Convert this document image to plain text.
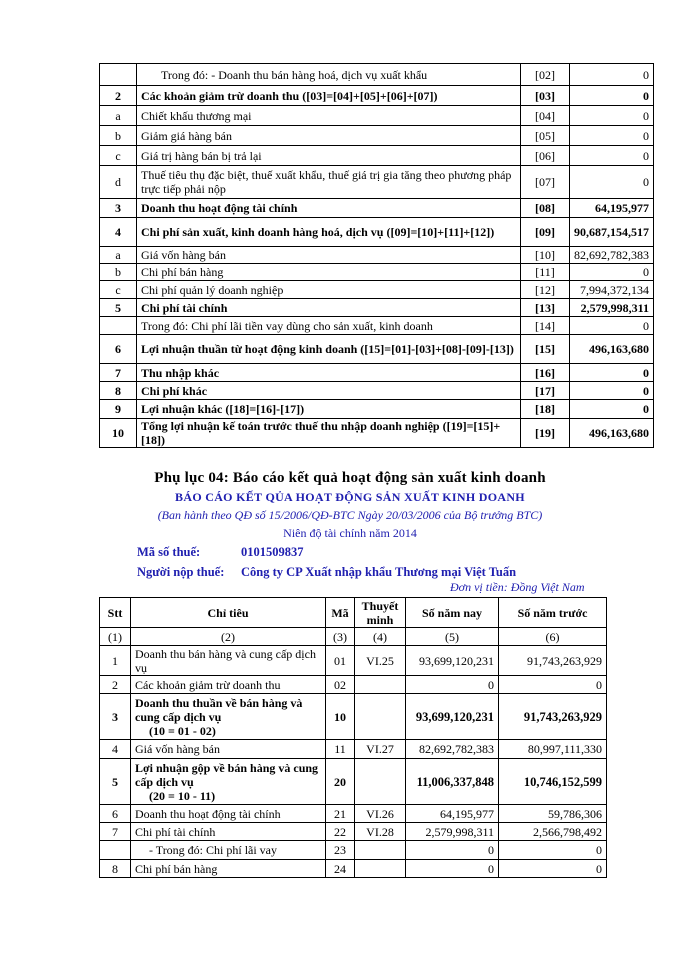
	Trong đó: - Doanh thu bán hàng hoá, dịch vụ xuất khẩu	[02]	0
2	Các khoản giảm trừ doanh thu ([03]=[04]+[05]+[06]+[07])	[03]	0
a	Chiết khấu thương mại	[04]	0
b	Giảm giá hàng bán	[05]	0
c	Giá trị hàng bán bị trả lại	[06]	0
d	Thuế tiêu thụ đặc biệt, thuế xuất khẩu, thuế giá trị gia tăng theo phương pháp trực tiếp phải nộp	[07]	0
3	Doanh thu hoạt động tài chính	[08]	64,195,977
4	Chi phí sản xuất, kinh doanh hàng hoá, dịch vụ ([09]=[10]+[11]+[12])	[09]	90,687,154,517
a	Giá vốn hàng bán	[10]	82,692,782,383
b	Chi phí bán hàng	[11]	0
c	Chi phí quản lý doanh nghiệp	[12]	7,994,372,134
5	Chi phí tài chính	[13]	2,579,998,311
	Trong đó: Chi phí lãi tiền vay dùng cho sản xuất, kinh doanh	[14]	0
6	Lợi nhuận thuần từ hoạt động kinh doanh ([15]=[01]-[03]+[08]-[09]-[13])	[15]	496,163,680
7	Thu nhập khác	[16]	0
8	Chi phí khác	[17]	0
9	Lợi nhuận khác ([18]=[16]-[17])	[18]	0
10	Tổng lợi nhuận kế toán trước thuế thu nhập doanh nghiệp ([19]=[15]+[18])	[19]	496,163,680
Phụ lục 04: Báo cáo kết quả hoạt động sản xuất kinh doanh
BÁO CÁO KẾT QỦA HOẠT ĐỘNG SẢN XUẤT KINH DOANH
(Ban hành theo QĐ số 15/2006/QĐ-BTC Ngày 20/03/2006 của Bộ trưởng BTC)
Niên độ tài chính năm 2014
Mã số thuế:	0101509837
Người nộp thuế: Công ty CP Xuất nhập khẩu Thương mại Việt Tuấn
Đơn vị tiền: Đồng Việt Nam
Stt	Chỉ tiêu	Mã	Thuyết minh	Số năm nay	Số năm trước
(1)	(2)	(3)	(4)	(5)	(6)
1	Doanh thu bán hàng và cung cấp dịch vụ	01	VI.25	93,699,120,231	91,743,263,929
2	Các khoản giảm trừ doanh thu	02		0	0
3	Doanh thu thuần về bán hàng và cung cấp dịch vụ
(10 = 01 - 02)	10		93,699,120,231	91,743,263,929
4	Giá vốn hàng bán	11	VI.27	82,692,782,383	80,997,111,330
5	Lợi nhuận gộp về bán hàng và cung cấp dịch vụ
(20 = 10 - 11)	20		11,006,337,848	10,746,152,599
6	Doanh thu hoạt động tài chính	21	VI.26	64,195,977	59,786,306
7	Chi phí tài chính	22	VI.28	2,579,998,311	2,566,798,492
	- Trong đó: Chi phí lãi vay	23		0	0
8	Chi phí bán hàng	24		0	0
